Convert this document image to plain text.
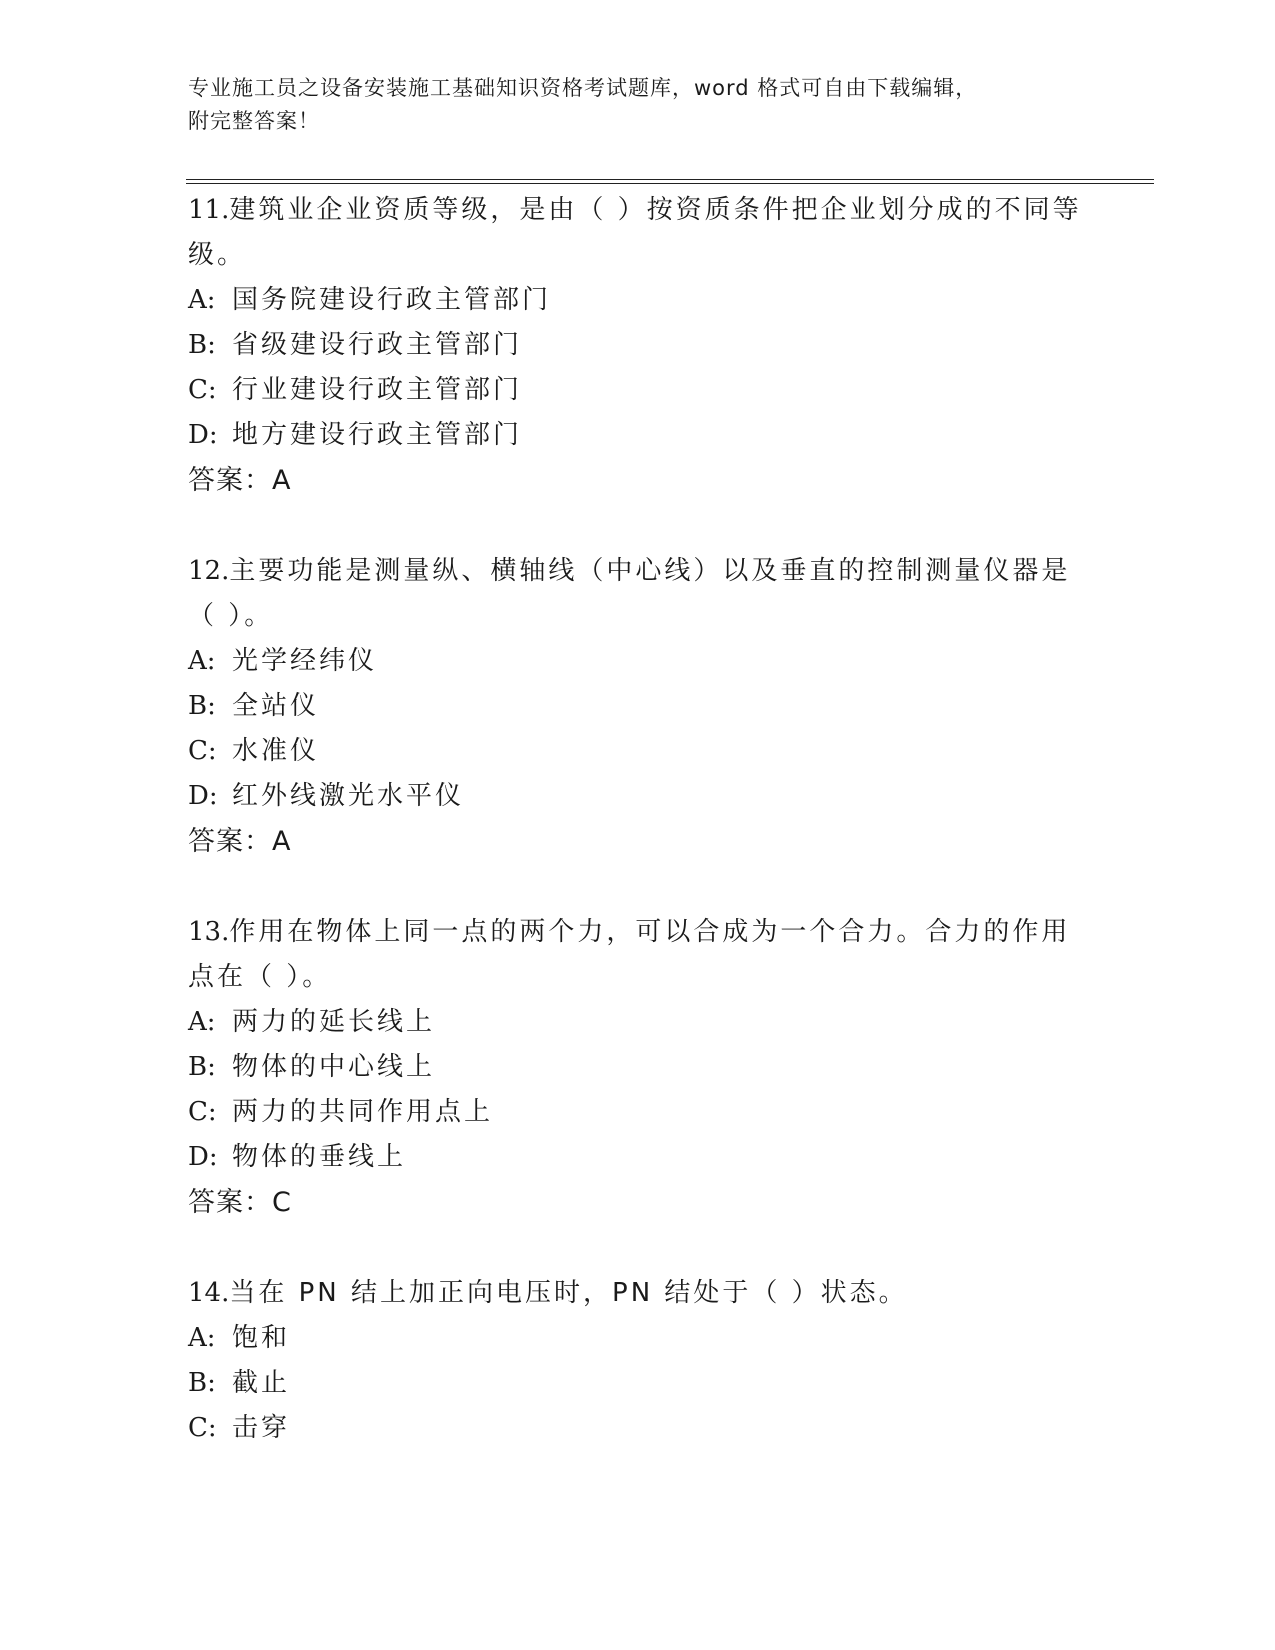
专业施工员之设备安装施工基础知识资格考试题库，word 格式可自由下载编辑，
附完整答案！

11.建筑业企业资质等级，是由（ ）按资质条件把企业划分成的不同等级。

A: 国务院建设行政主管部门

B: 省级建设行政主管部门

C: 行业建设行政主管部门

D: 地方建设行政主管部门

答案：A

12.主要功能是测量纵、横轴线（中心线）以及垂直的控制测量仪器是（ ）。

A: 光学经纬仪

B: 全站仪

C: 水准仪

D: 红外线激光水平仪

答案：A

13.作用在物体上同一点的两个力，可以合成为一个合力。合力的作用点在（ ）。

A: 两力的延长线上

B: 物体的中心线上

C: 两力的共同作用点上

D: 物体的垂线上

答案：C

14.当在 PN 结上加正向电压时，PN 结处于（ ）状态。

A: 饱和

B: 截止

C: 击穿
